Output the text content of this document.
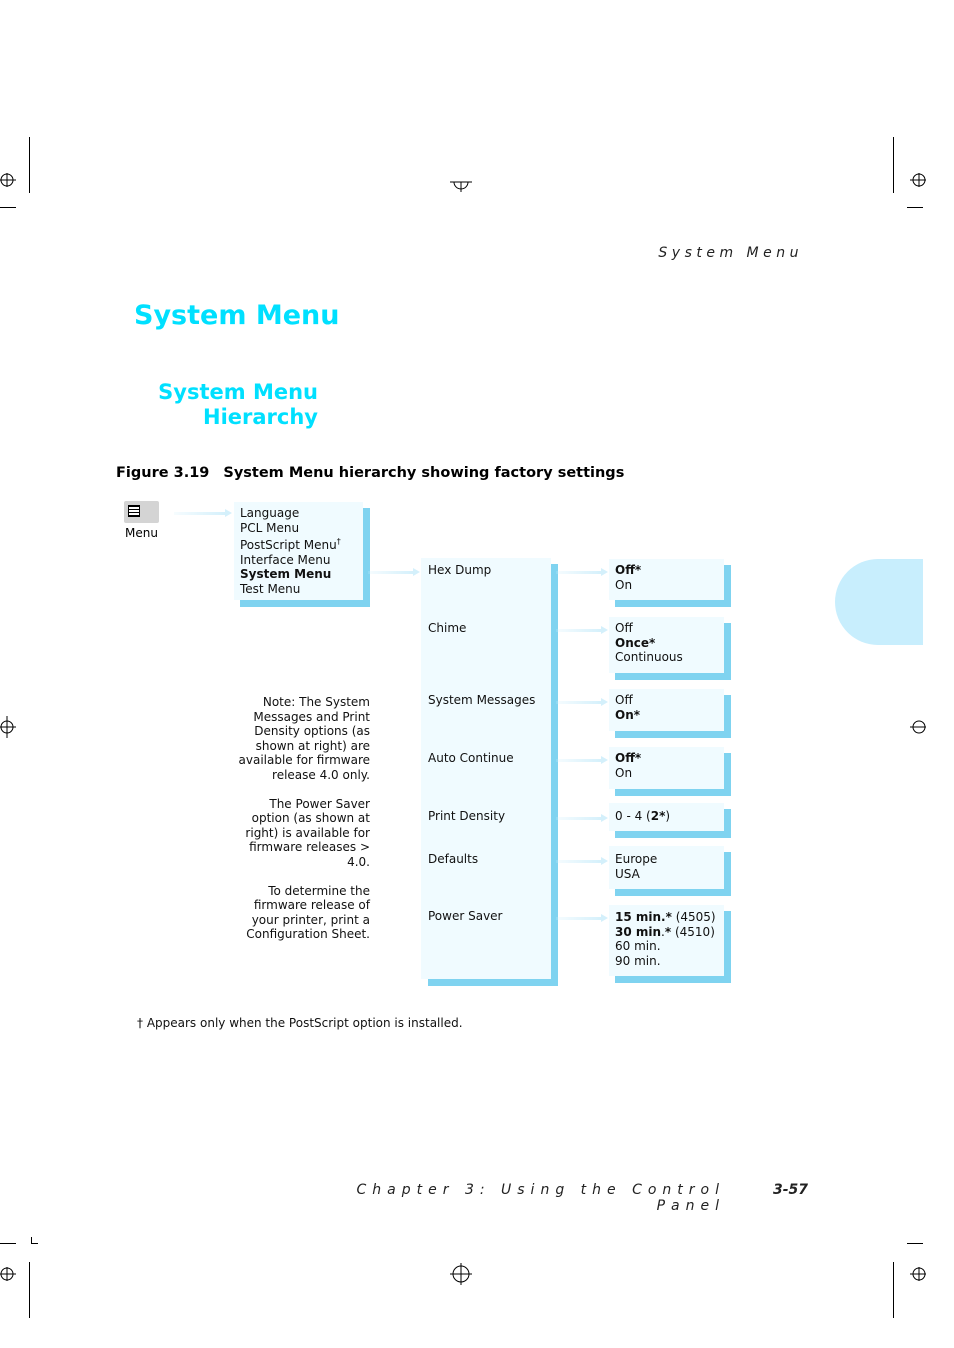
System Menu
System Menu
System Menu
Hierarchy
Figure 3.19 System Menu hierarchy showing factory settings
Menu
Language
PCL Menu
PostScript Menu†
Interface Menu
System Menu
Test Menu
Hex Dump
Chime
System Messages
Auto Continue
Print Density
Defaults
Power Saver
Off*
On
Off
Once*
Continuous
Off
On*
Off*
On
0 - 4 (2*)
Europe
USA
15 min.* (4505)
30 min.* (4510)
60 min.
90 min.

Note: The System Messages and Print Density options (as shown at right) are available for firmware release 4.0 only.

The Power Saver option (as shown at right) is available for firmware releases > 4.0.

To determine the firmware release of your printer, print a Configuration Sheet.

† Appears only when the PostScript option is installed.
Chapter 3: Using the Control Panel
3-57
